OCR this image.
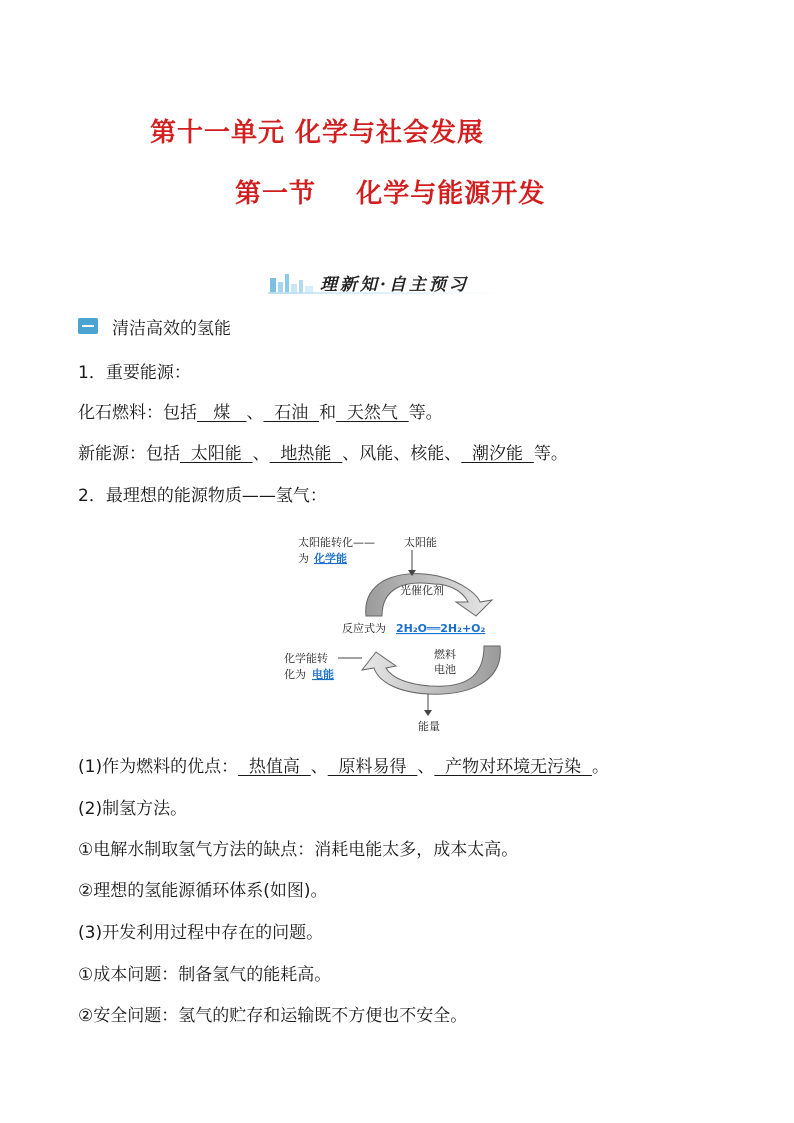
第十一单元 化学与社会发展
第一节    化学与能源开发
理新知·自主预习
清洁高效的氢能
1．重要能源：
化石燃料：包括   煤   、  石油  和  天然气  等。
新能源：包括  太阳能  、  地热能  、风能、核能、  潮汐能  等。
2．最理想的能源物质——氢气：
太阳能转化——
为 化学能
太阳能
光催化剂
反应式为 2H₂O══2H₂+O₂
化学能转
化为 电能
燃料
电池
能量
(1)作为燃料的优点：  热值高  、  原料易得  、  产物对环境无污染  。
(2)制氢方法。
①电解水制取氢气方法的缺点：消耗电能太多，成本太高。
②理想的氢能源循环体系(如图)。
(3)开发利用过程中存在的问题。
①成本问题：制备氢气的能耗高。
②安全问题：氢气的贮存和运输既不方便也不安全。
